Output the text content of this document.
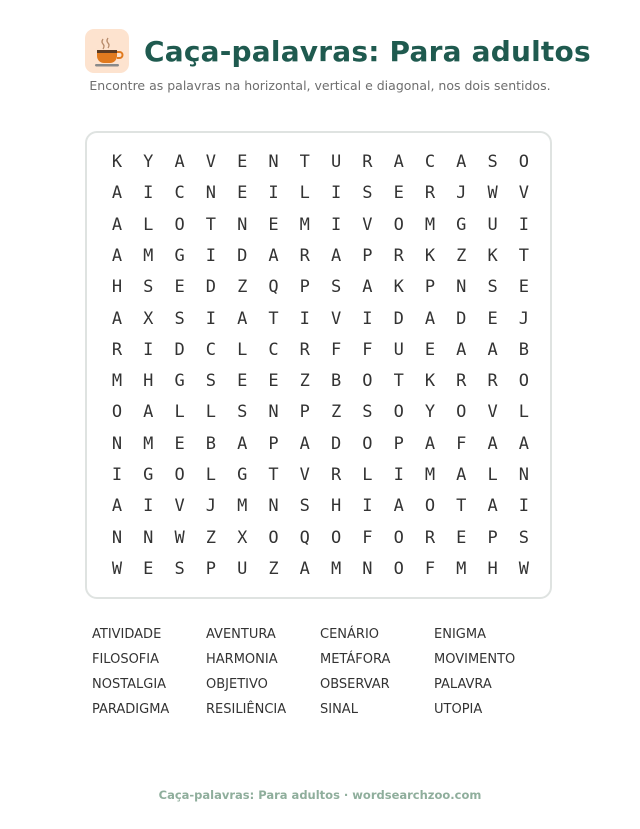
Caça-palavras: Para adultos
Encontre as palavras na horizontal, vertical e diagonal, nos dois sentidos.
K	Y	A	V	E	N	T	U	R	A	C	A	S	O
A	I	C	N	E	I	L	I	S	E	R	J	W	V
A	L	O	T	N	E	M	I	V	O	M	G	U	I
A	M	G	I	D	A	R	A	P	R	K	Z	K	T
H	S	E	D	Z	Q	P	S	A	K	P	N	S	E
A	X	S	I	A	T	I	V	I	D	A	D	E	J
R	I	D	C	L	C	R	F	F	U	E	A	A	B
M	H	G	S	E	E	Z	B	O	T	K	R	R	O
O	A	L	L	S	N	P	Z	S	O	Y	O	V	L
N	M	E	B	A	P	A	D	O	P	A	F	A	A
I	G	O	L	G	T	V	R	L	I	M	A	L	N
A	I	V	J	M	N	S	H	I	A	O	T	A	I
N	N	W	Z	X	O	Q	O	F	O	R	E	P	S
W	E	S	P	U	Z	A	M	N	O	F	M	H	W
ATIVIDADE	AVENTURA	CENÁRIO	ENIGMA
FILOSOFIA	HARMONIA	METÁFORA	MOVIMENTO
NOSTALGIA	OBJETIVO	OBSERVAR	PALAVRA
PARADIGMA	RESILIÊNCIA	SINAL	UTOPIA
Caça-palavras: Para adultos · wordsearchzoo.com
